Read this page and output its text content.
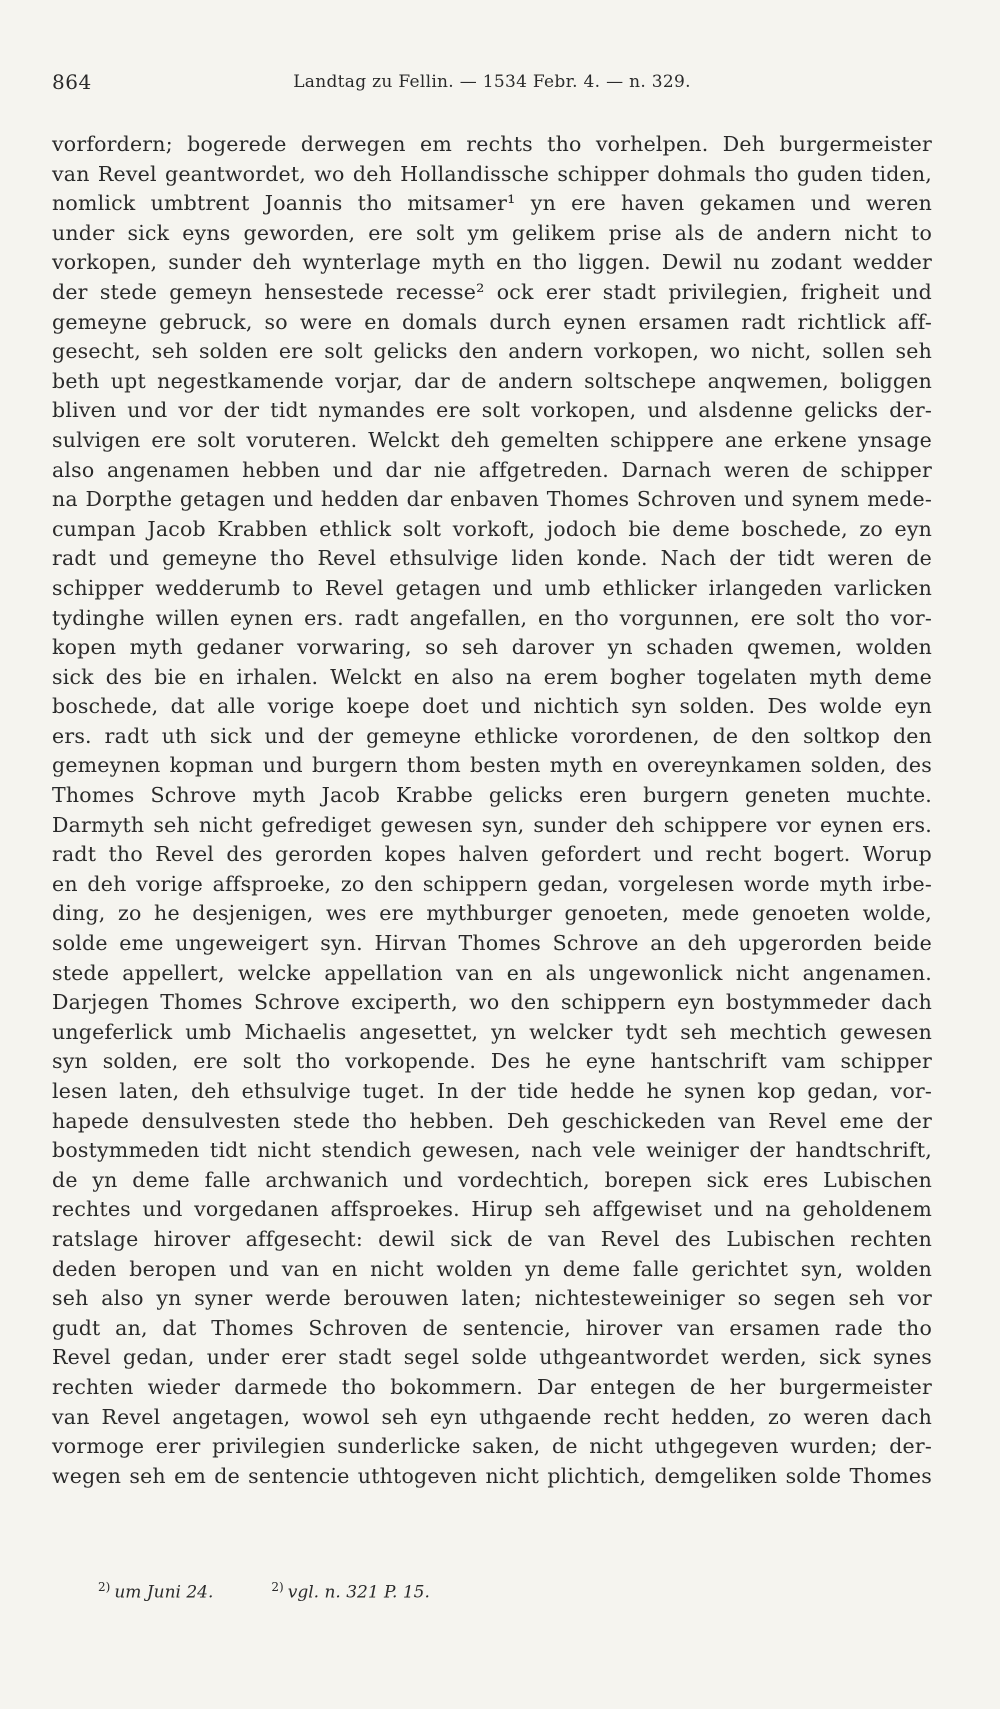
864	Landtag zu Fellin. — 1534 Febr. 4. — n. 329.
vorfordern; bogerede derwegen em rechts tho vorhelpen. Deh burgermeister
van Revel geantwordet, wo deh Hollandissche schipper dohmals tho guden tiden,
nomlick umbtrent Joannis tho mitsamer¹ yn ere haven gekamen und weren
under sick eyns geworden, ere solt ym gelikem prise als de andern nicht to
vorkopen, sunder deh wynterlage myth en tho liggen. Dewil nu zodant wedder
der stede gemeyn hensestede recesse² ock erer stadt privilegien, frigheit und
gemeyne gebruck, so were en domals durch eynen ersamen radt richtlick aff-
gesecht, seh solden ere solt gelicks den andern vorkopen, wo nicht, sollen seh
beth upt negestkamende vorjar, dar de andern soltschepe anqwemen, boliggen
bliven und vor der tidt nymandes ere solt vorkopen, und alsdenne gelicks der-
sulvigen ere solt voruteren. Welckt deh gemelten schippere ane erkene ynsage
also angenamen hebben und dar nie affgetreden. Darnach weren de schipper
na Dorpthe getagen und hedden dar enbaven Thomes Schroven und synem mede-
cumpan Jacob Krabben ethlick solt vorkoft, jodoch bie deme boschede, zo eyn
radt und gemeyne tho Revel ethsulvige liden konde. Nach der tidt weren de
schipper wedderumb to Revel getagen und umb ethlicker irlangeden varlicken
tydinghe willen eynen ers. radt angefallen, en tho vorgunnen, ere solt tho vor-
kopen myth gedaner vorwaring, so seh darover yn schaden qwemen, wolden
sick des bie en irhalen. Welckt en also na erem bogher togelaten myth deme
boschede, dat alle vorige koepe doet und nichtich syn solden. Des wolde eyn
ers. radt uth sick und der gemeyne ethlicke vorordenen, de den soltkop den
gemeynen kopman und burgern thom besten myth en overeynkamen solden, des
Thomes Schrove myth Jacob Krabbe gelicks eren burgern geneten muchte.
Darmyth seh nicht gefrediget gewesen syn, sunder deh schippere vor eynen ers.
radt tho Revel des gerorden kopes halven gefordert und recht bogert. Worup
en deh vorige affsproeke, zo den schippern gedan, vorgelesen worde myth irbe-
ding, zo he desjenigen, wes ere mythburger genoeten, mede genoeten wolde,
solde eme ungeweigert syn. Hirvan Thomes Schrove an deh upgerorden beide
stede appellert, welcke appellation van en als ungewonlick nicht angenamen.
Darjegen Thomes Schrove exciperth, wo den schippern eyn bostymmeder dach
ungeferlick umb Michaelis angesettet, yn welcker tydt seh mechtich gewesen
syn solden, ere solt tho vorkopende. Des he eyne hantschrift vam schipper
lesen laten, deh ethsulvige tuget. In der tide hedde he synen kop gedan, vor-
hapede densulvesten stede tho hebben. Deh geschickeden van Revel eme der
bostymmeden tidt nicht stendich gewesen, nach vele weiniger der handtschrift,
de yn deme falle archwanich und vordechtich, borepen sick eres Lubischen
rechtes und vorgedanen affsproekes. Hirup seh affgewiset und na geholdenem
ratslage hirover affgesecht: dewil sick de van Revel des Lubischen rechten
deden beropen und van en nicht wolden yn deme falle gerichtet syn, wolden
seh also yn syner werde berouwen laten; nichtesteweiniger so segen seh vor
gudt an, dat Thomes Schroven de sentencie, hirover van ersamen rade tho
Revel gedan, under erer stadt segel solde uthgeantwordet werden, sick synes
rechten wieder darmede tho bokommern. Dar entegen de her burgermeister
van Revel angetagen, wowol seh eyn uthgaende recht hedden, zo weren dach
vormoge erer privilegien sunderlicke saken, de nicht uthgegeven wurden; der-
wegen seh em de sentencie uthtogeven nicht plichtich, demgeliken solde Thomes
$^{2)}$ um Juni 24.	$^{2)}$ vgl. n. 321 P. 15.
